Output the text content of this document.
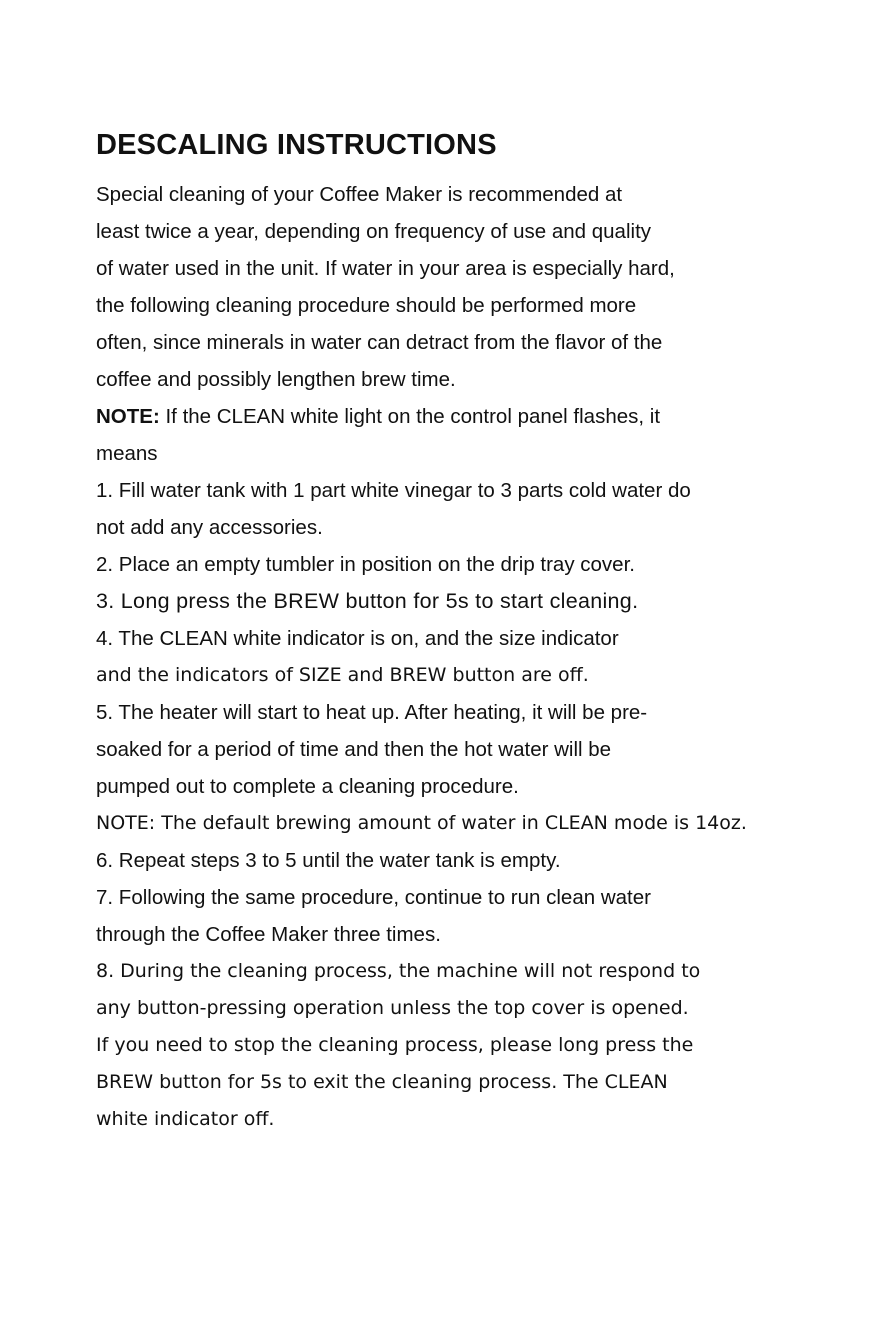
DESCALING INSTRUCTIONS
Special cleaning of your Coffee Maker is recommended at
least twice a year, depending on frequency of use and quality
of water used in the unit. If water in your area is especially hard,
the following cleaning procedure should be performed more
often, since minerals in water can detract from the flavor of the
coffee and possibly lengthen brew time.
NOTE: If the CLEAN white light on the control panel flashes, it
means
1. Fill water tank with 1 part white vinegar to 3 parts cold water do
not add any accessories.
2. Place an empty tumbler in position on the drip tray cover.
3. Long press the BREW button for 5s to start cleaning.
4. The CLEAN white indicator is on, and the size indicator
and the indicators of SIZE and BREW button are off.
5. The heater will start to heat up. After heating, it will be pre-
soaked for a period of time and then the hot water will be
pumped out to complete a cleaning procedure.
NOTE: The default brewing amount of water in CLEAN mode is 14oz.
6. Repeat steps 3 to 5 until the water tank is empty.
7. Following the same procedure, continue to run clean water
through the Coffee Maker three times.
8. During the cleaning process, the machine will not respond to
any button-pressing operation unless the top cover is opened.
If you need to stop the cleaning process, please long press the
BREW button for 5s to exit the cleaning process. The CLEAN
white indicator off.
